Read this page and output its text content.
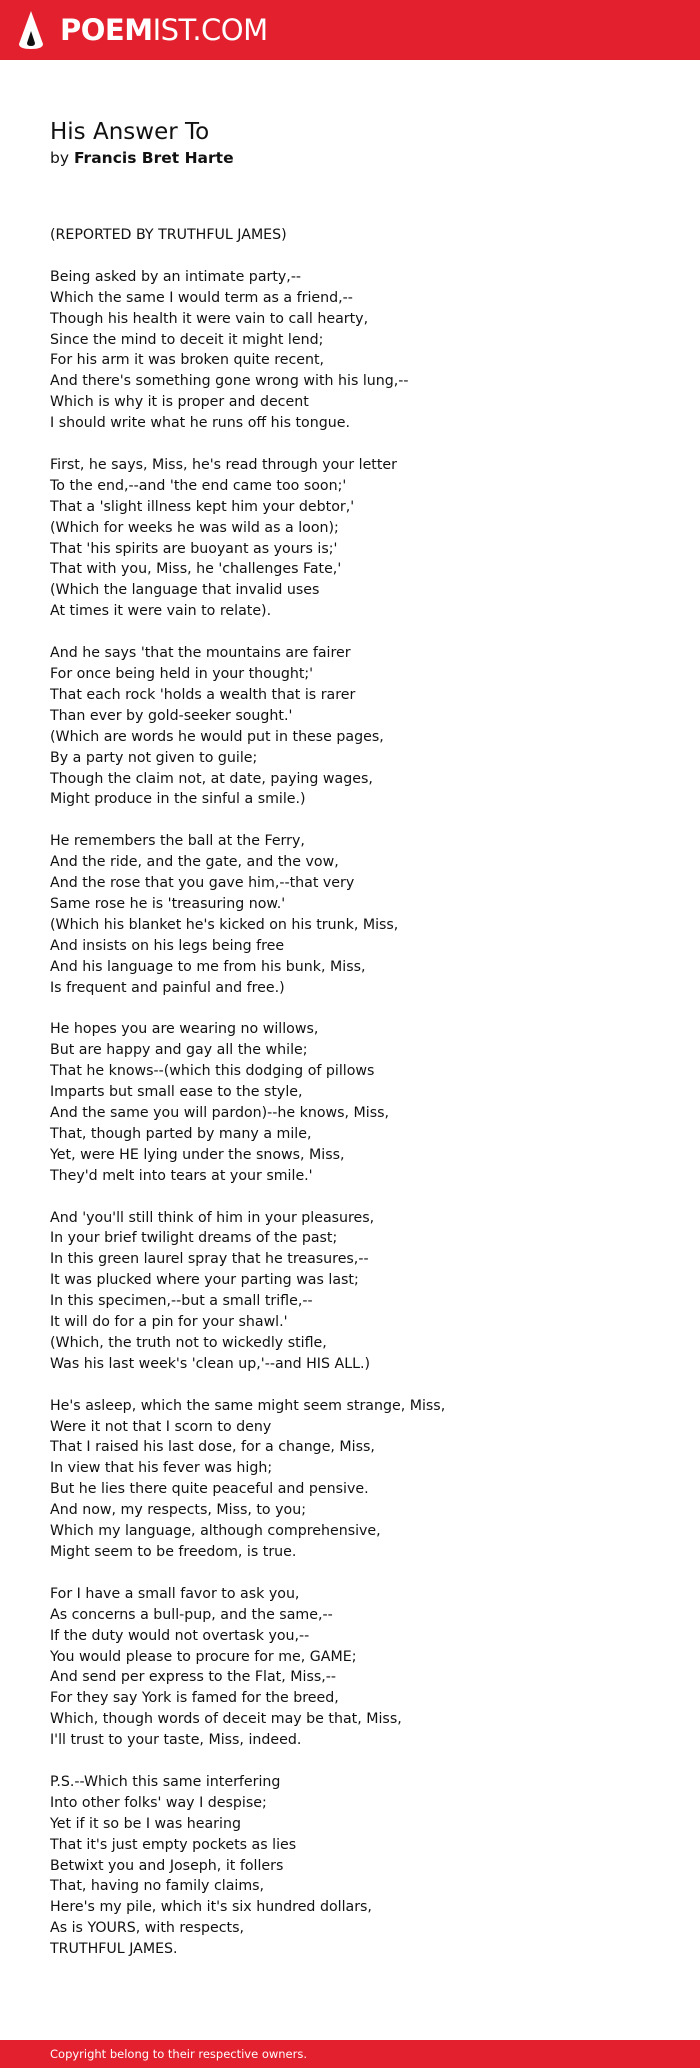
POEMIST.COM
His Answer To
by Francis Bret Harte
(REPORTED BY TRUTHFUL JAMES)
Being asked by an intimate party,--
Which the same I would term as a friend,--
Though his health it were vain to call hearty,
Since the mind to deceit it might lend;
For his arm it was broken quite recent,
And there's something gone wrong with his lung,--
Which is why it is proper and decent
I should write what he runs off his tongue.
First, he says, Miss, he's read through your letter
To the end,--and 'the end came too soon;'
That a 'slight illness kept him your debtor,'
(Which for weeks he was wild as a loon);
That 'his spirits are buoyant as yours is;'
That with you, Miss, he 'challenges Fate,'
(Which the language that invalid uses
At times it were vain to relate).
And he says 'that the mountains are fairer
For once being held in your thought;'
That each rock 'holds a wealth that is rarer
Than ever by gold-seeker sought.'
(Which are words he would put in these pages,
By a party not given to guile;
Though the claim not, at date, paying wages,
Might produce in the sinful a smile.)
He remembers the ball at the Ferry,
And the ride, and the gate, and the vow,
And the rose that you gave him,--that very
Same rose he is 'treasuring now.'
(Which his blanket he's kicked on his trunk, Miss,
And insists on his legs being free
And his language to me from his bunk, Miss,
Is frequent and painful and free.)
He hopes you are wearing no willows,
But are happy and gay all the while;
That he knows--(which this dodging of pillows
Imparts but small ease to the style,
And the same you will pardon)--he knows, Miss,
That, though parted by many a mile,
Yet, were HE lying under the snows, Miss,
They'd melt into tears at your smile.'
And 'you'll still think of him in your pleasures,
In your brief twilight dreams of the past;
In this green laurel spray that he treasures,--
It was plucked where your parting was last;
In this specimen,--but a small trifle,--
It will do for a pin for your shawl.'
(Which, the truth not to wickedly stifle,
Was his last week's 'clean up,'--and HIS ALL.)
He's asleep, which the same might seem strange, Miss,
Were it not that I scorn to deny
That I raised his last dose, for a change, Miss,
In view that his fever was high;
But he lies there quite peaceful and pensive.
And now, my respects, Miss, to you;
Which my language, although comprehensive,
Might seem to be freedom, is true.
For I have a small favor to ask you,
As concerns a bull-pup, and the same,--
If the duty would not overtask you,--
You would please to procure for me, GAME;
And send per express to the Flat, Miss,--
For they say York is famed for the breed,
Which, though words of deceit may be that, Miss,
I'll trust to your taste, Miss, indeed.
P.S.--Which this same interfering
Into other folks' way I despise;
Yet if it so be I was hearing
That it's just empty pockets as lies
Betwixt you and Joseph, it follers
That, having no family claims,
Here's my pile, which it's six hundred dollars,
As is YOURS, with respects,
TRUTHFUL JAMES.
Copyright belong to their respective owners.
